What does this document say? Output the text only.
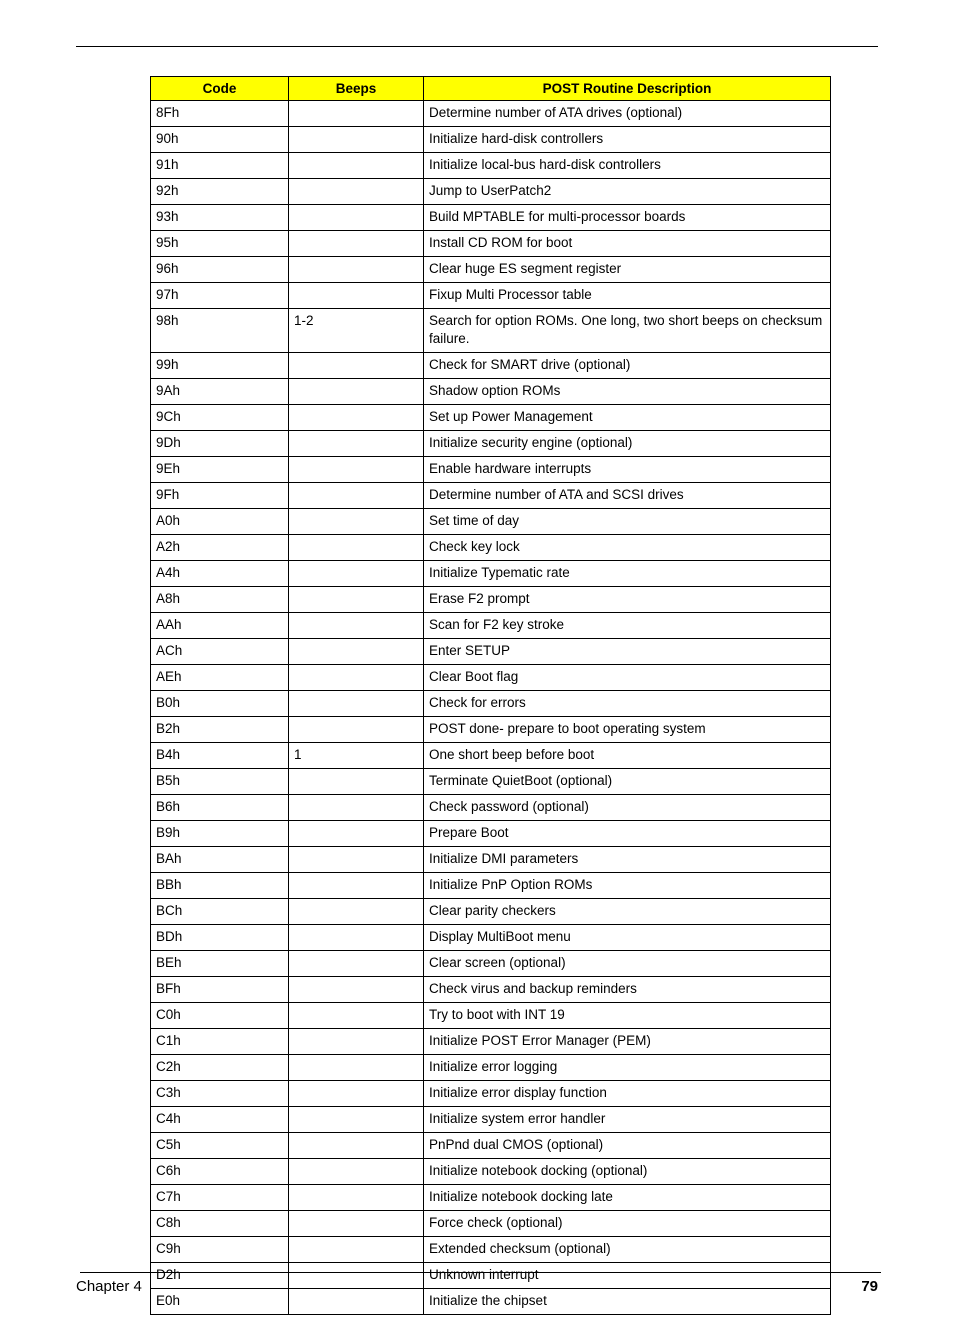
Code	Beeps	POST Routine Description
8Fh		Determine number of ATA drives (optional)
90h		Initialize hard-disk controllers
91h		Initialize local-bus hard-disk controllers
92h		Jump to UserPatch2
93h		Build MPTABLE for multi-processor boards
95h		Install CD ROM for boot
96h		Clear huge ES segment register
97h		Fixup Multi Processor table
98h	1-2	Search for option ROMs. One long, two short beeps on checksum failure.
99h		Check for SMART drive (optional)
9Ah		Shadow option ROMs
9Ch		Set up Power Management
9Dh		Initialize security engine (optional)
9Eh		Enable hardware interrupts
9Fh		Determine number of ATA and SCSI drives
A0h		Set time of day
A2h		Check key lock
A4h		Initialize Typematic rate
A8h		Erase F2 prompt
AAh		Scan for F2 key stroke
ACh		Enter SETUP
AEh		Clear Boot flag
B0h		Check for errors
B2h		POST done- prepare to boot operating system
B4h	1	One short beep before boot
B5h		Terminate QuietBoot (optional)
B6h		Check password (optional)
B9h		Prepare Boot
BAh		Initialize DMI parameters
BBh		Initialize PnP Option ROMs
BCh		Clear parity checkers
BDh		Display MultiBoot menu
BEh		Clear screen (optional)
BFh		Check virus and backup reminders
C0h		Try to boot with INT 19
C1h		Initialize POST Error Manager (PEM)
C2h		Initialize error logging
C3h		Initialize error display function
C4h		Initialize system error handler
C5h		PnPnd dual CMOS (optional)
C6h		Initialize notebook docking (optional)
C7h		Initialize notebook docking late
C8h		Force check (optional)
C9h		Extended checksum (optional)
D2h		Unknown interrupt
E0h		Initialize the chipset
Chapter 4	79
